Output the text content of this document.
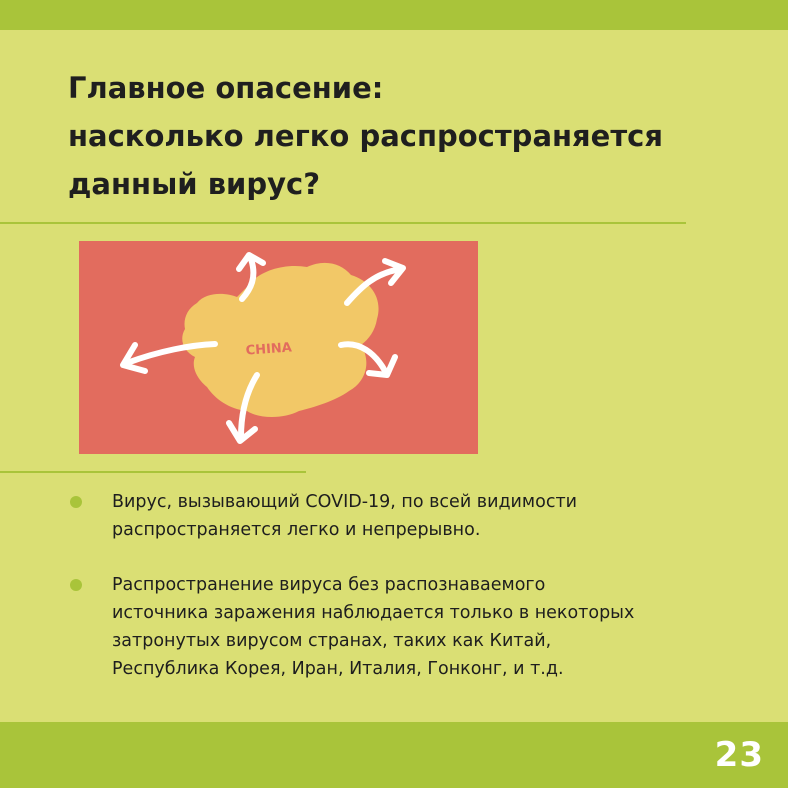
Главное опасение:
насколько легко распространяется
данный вирус?
CHINA
Вирус, вызывающий COVID-19, по всей видимости
распространяется легко и непрерывно.
Распространение вируса без распознаваемого
источника заражения наблюдается только в некоторых
затронутых вирусом странах, таких как Китай,
Республика Корея, Иран, Италия, Гонконг, и т.д.
23
